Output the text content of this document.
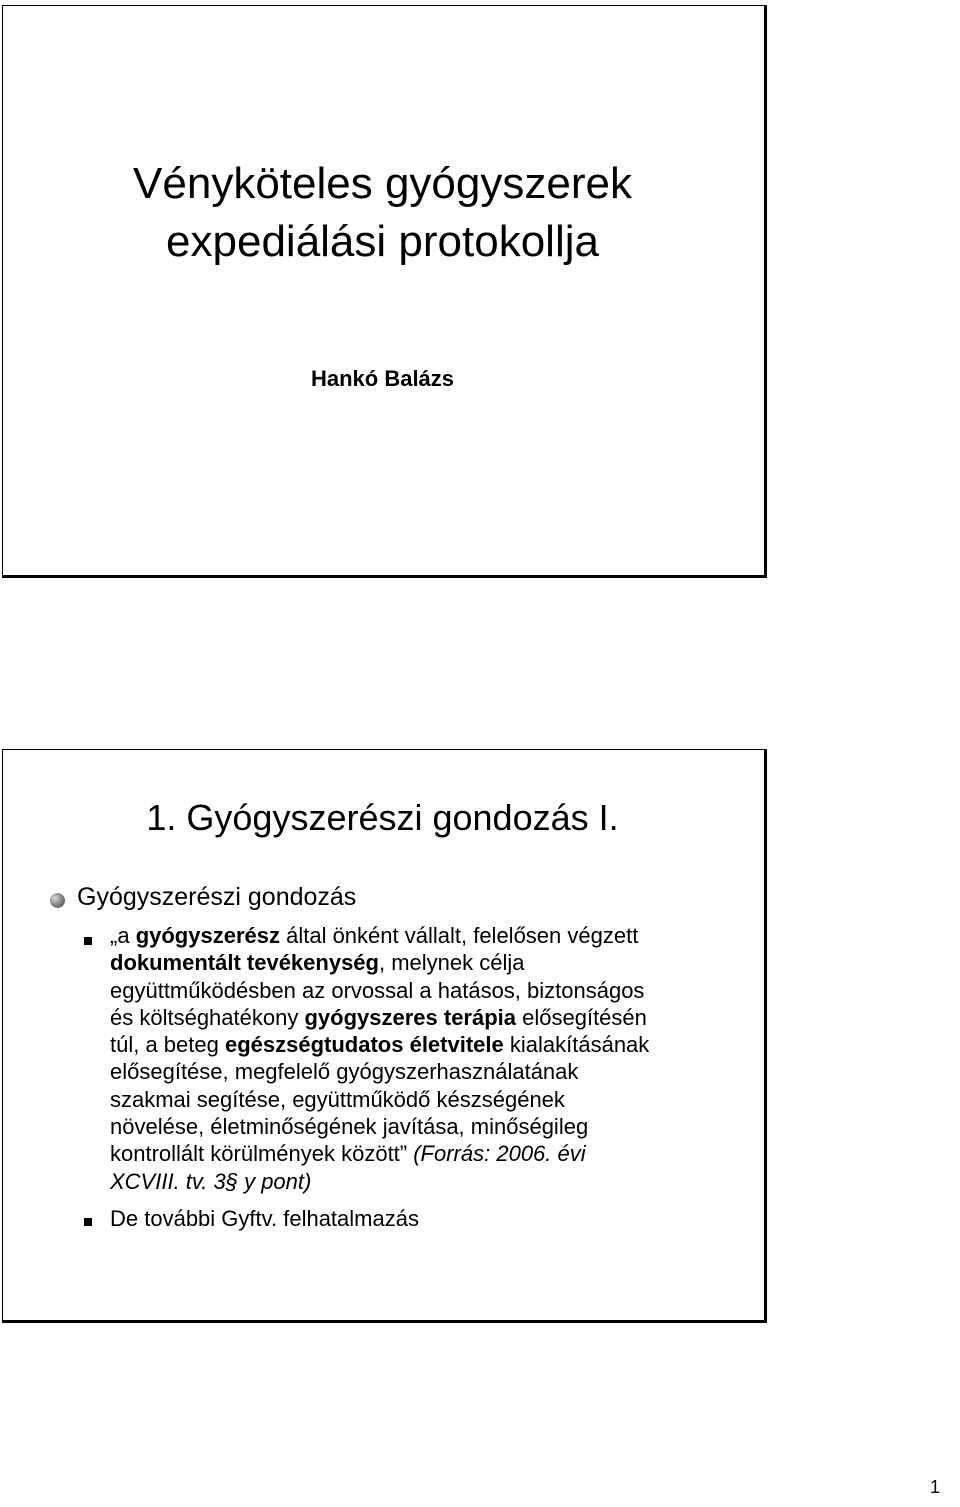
Vényköteles gyógyszerek
expediálási protokollja

Hankó Balázs

1. Gyógyszerészi gondozás I.

Gyógyszerészi gondozás

„a gyógyszerész által önként vállalt, felelősen végzett
dokumentált tevékenység, melynek célja
együttműködésben az orvossal a hatásos, biztonságos
és költséghatékony gyógyszeres terápia elősegítésén
túl, a beteg egészségtudatos életvitele kialakításának
elősegítése, megfelelő gyógyszerhasználatának
szakmai segítése, együttműködő készségének
növelése, életminőségének javítása, minőségileg
kontrollált körülmények között” (Forrás: 2006. évi
XCVIII. tv. 3§ y pont)

De további Gyftv. felhatalmazás

1
